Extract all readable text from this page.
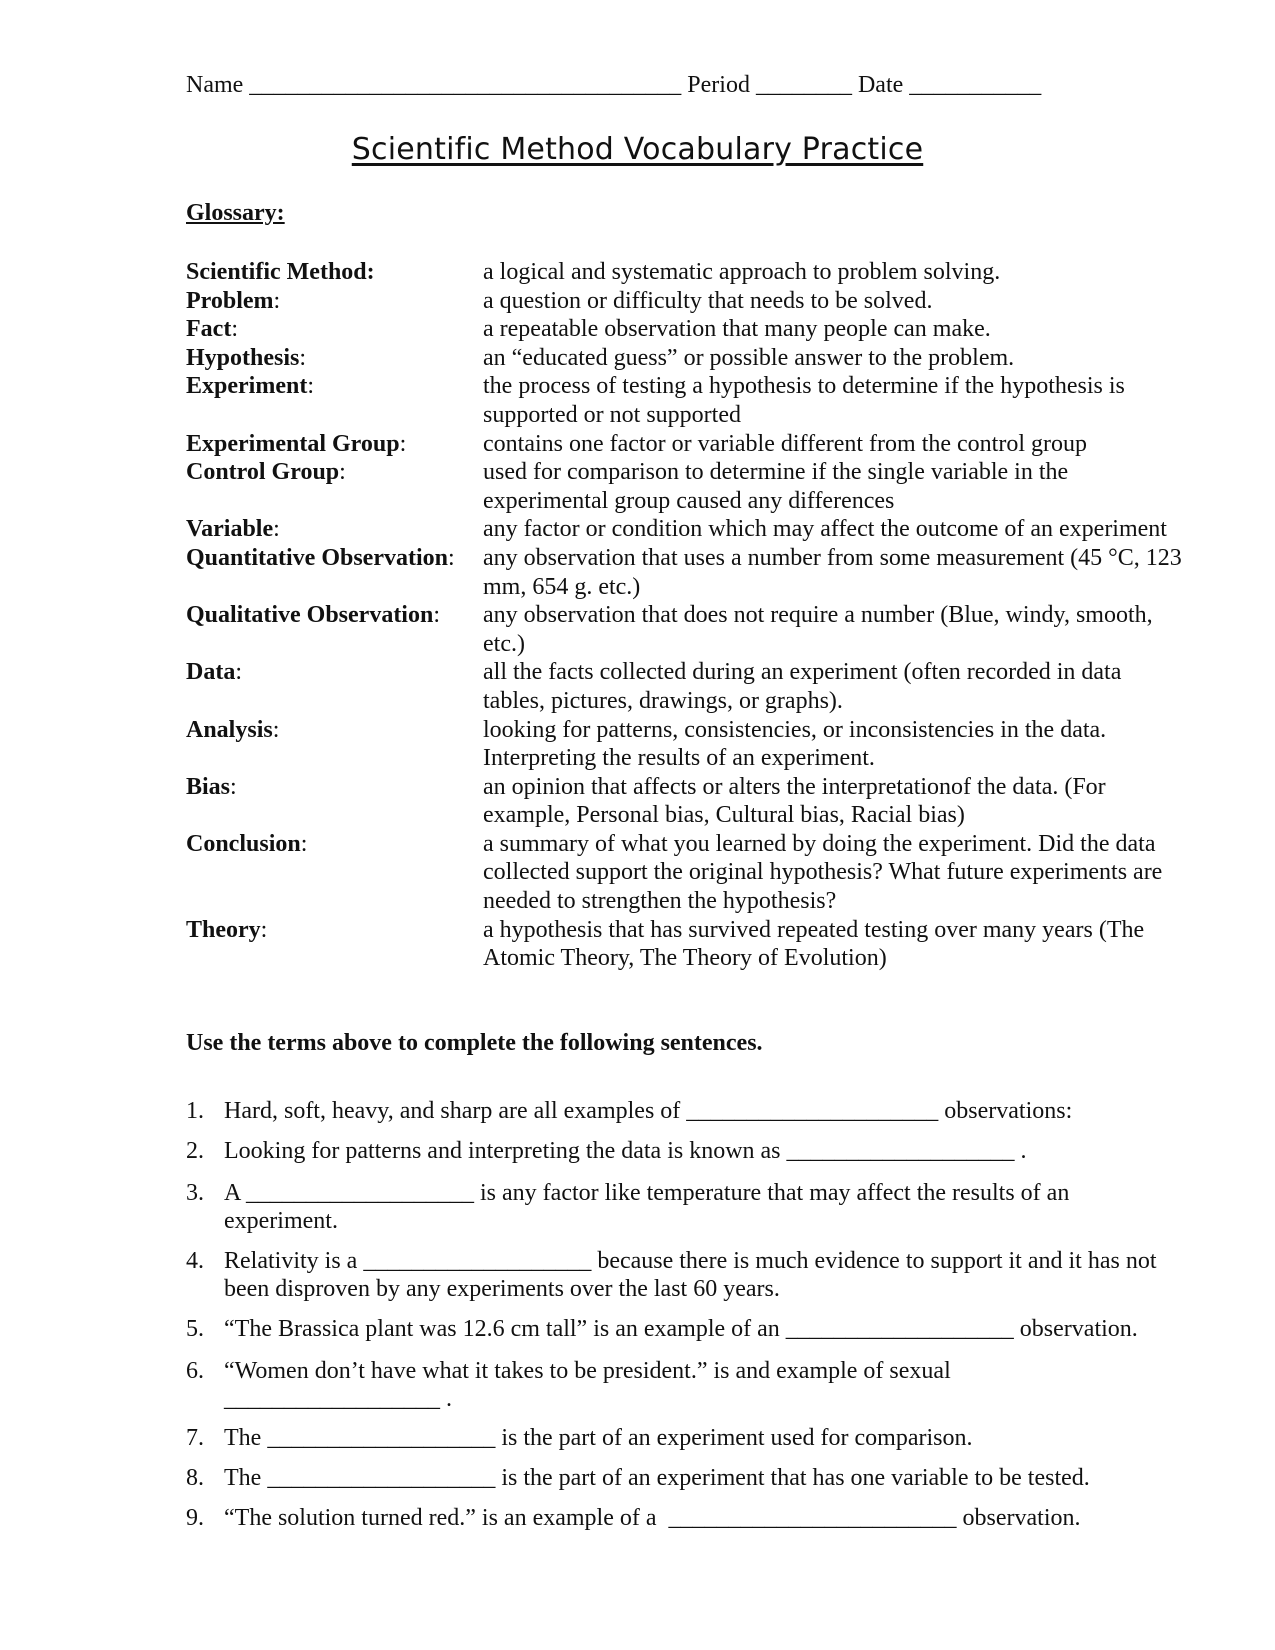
Name ____________________________________ Period ________ Date ___________
Scientific Method Vocabulary Practice
Glossary:
Scientific Method:	a logical and systematic approach to problem solving.
Problem:	a question or difficulty that needs to be solved.
Fact:	a repeatable observation that many people can make.
Hypothesis:	an “educated guess” or possible answer to the problem.
Experiment:	the process of testing a hypothesis to determine if the hypothesis is supported or not supported
Experimental Group:	contains one factor or variable different from the control group
Control Group:	used for comparison to determine if the single variable in the experimental group caused any differences
Variable:	any factor or condition which may affect the outcome of an experiment
Quantitative Observation:	any observation that uses a number from some measurement (45 °C, 123 mm, 654 g. etc.)
Qualitative Observation:	any observation that does not require a number (Blue, windy, smooth, etc.)
Data:	all the facts collected during an experiment (often recorded in data tables, pictures, drawings, or graphs).
Analysis:	looking for patterns, consistencies, or inconsistencies in the data. Interpreting the results of an experiment.
Bias:	an opinion that affects or alters the interpretationof the data. (For example, Personal bias, Cultural bias, Racial bias)
Conclusion:	a summary of what you learned by doing the experiment. Did the data collected support the original hypothesis? What future experiments are needed to strengthen the hypothesis?
Theory:	a hypothesis that has survived repeated testing over many years (The Atomic Theory, The Theory of Evolution)
Use the terms above to complete the following sentences.
1. Hard, soft, heavy, and sharp are all examples of _____________________ observations:
2. Looking for patterns and interpreting the data is known as ___________________ .
3. A ___________________ is any factor like temperature that may affect the results of an experiment.
4. Relativity is a ___________________ because there is much evidence to support it and it has not been disproven by any experiments over the last 60 years.
5. “The Brassica plant was 12.6 cm tall” is an example of an ___________________ observation.
6. “Women don’t have what it takes to be president.” is and example of sexual
__________________ .
7. The ___________________ is the part of an experiment used for comparison.
8. The ___________________ is the part of an experiment that has one variable to be tested.
9. “The solution turned red.” is an example of a  ________________________ observation.
